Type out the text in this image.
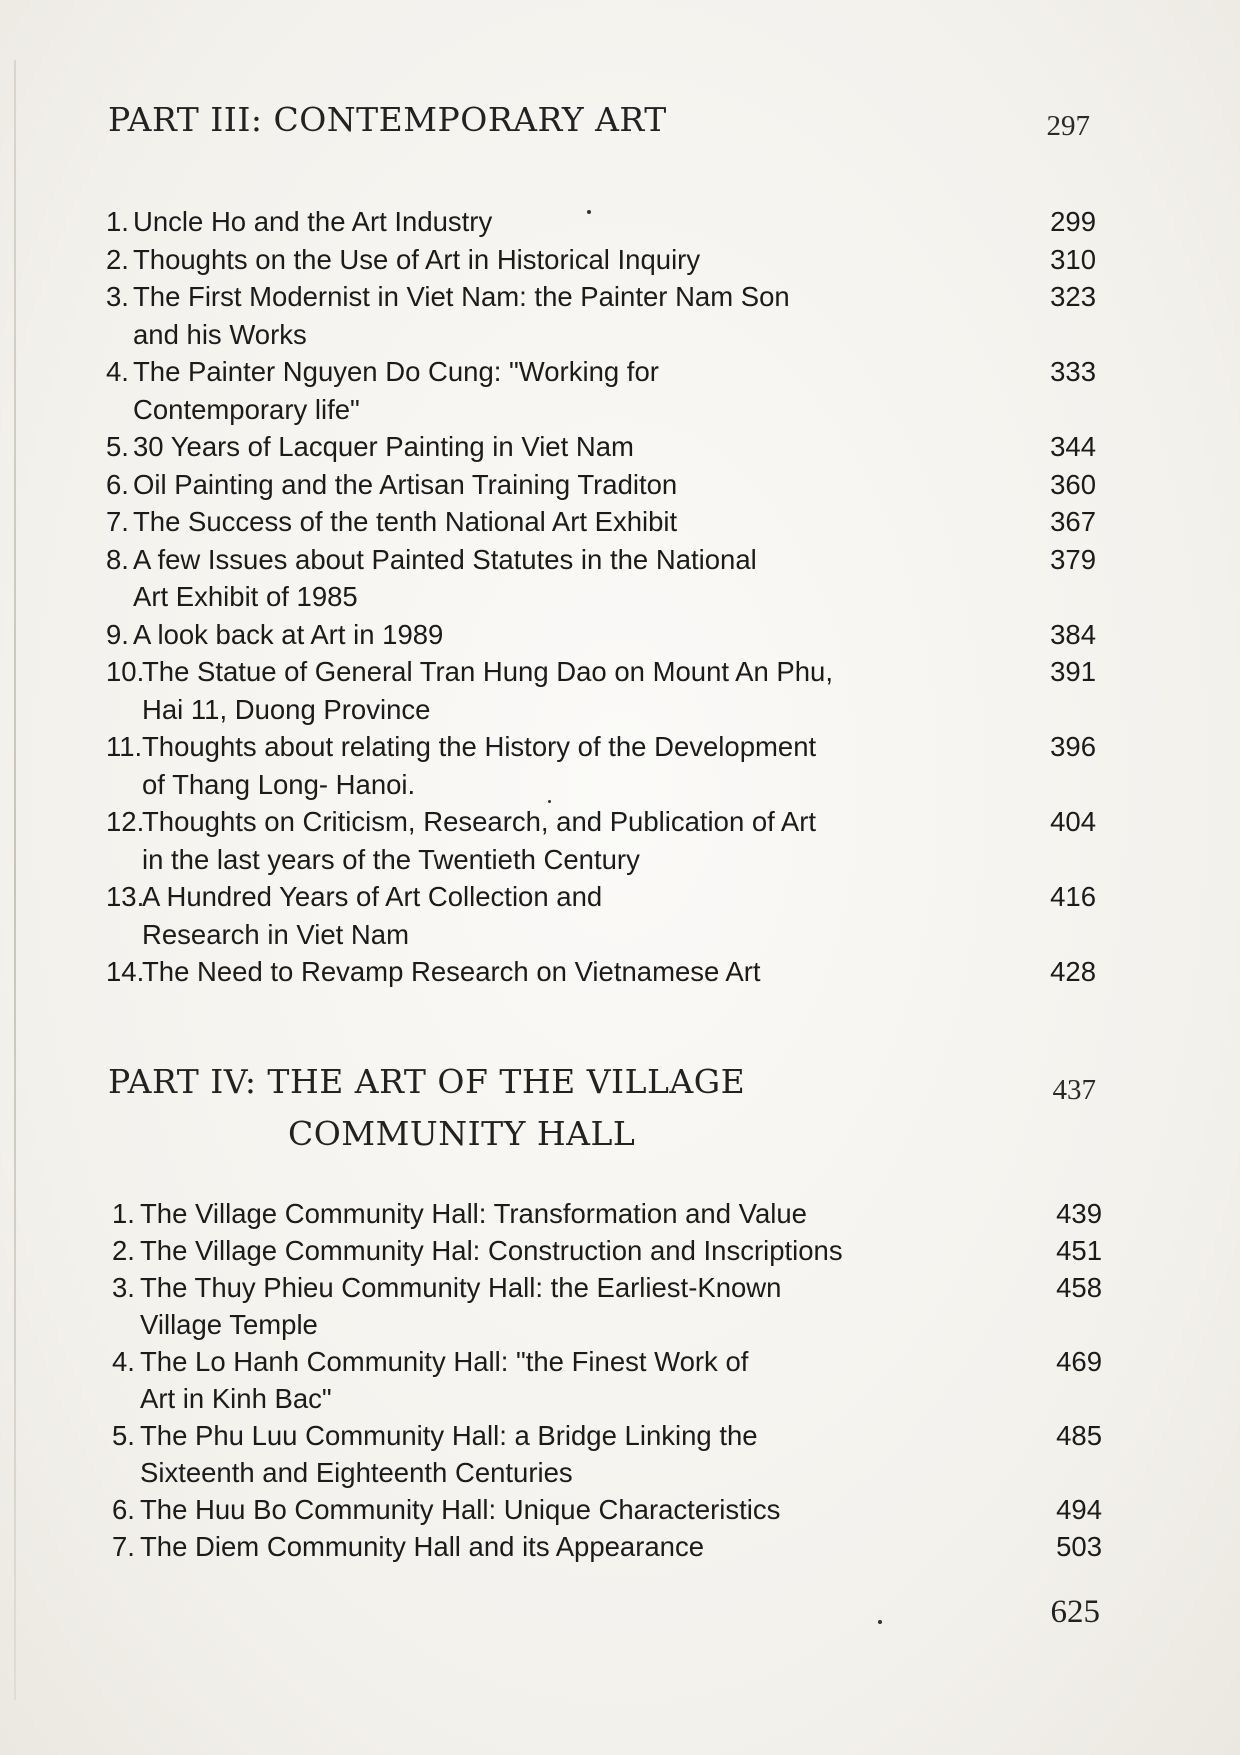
PART III: CONTEMPORARY ART	297
1. Uncle Ho and the Art Industry	299
2. Thoughts on the Use of Art in Historical Inquiry	310
3. The First Modernist in Viet Nam: the Painter Nam Son	323
and his Works
4. The Painter Nguyen Do Cung: "Working for	333
Contemporary life"
5. 30 Years of Lacquer Painting in Viet Nam	344
6. Oil Painting and the Artisan Training Traditon	360
7. The Success of the tenth National Art Exhibit	367
8. A few Issues about Painted Statutes in the National	379
Art Exhibit of 1985
9. A look back at Art in 1989	384
10.The Statue of General Tran Hung Dao on Mount An Phu,	391
Hai 11, Duong Province
11.Thoughts about relating the History of the Development	396
of Thang Long- Hanoi.
12.Thoughts on Criticism, Research, and Publication of Art	404
in the last years of the Twentieth Century
13.A Hundred Years of Art Collection and	416
Research in Viet Nam
14.The Need to Revamp Research on Vietnamese Art	428
PART IV: THE ART OF THE VILLAGE
COMMUNITY HALL
437
1. The Village Community Hall: Transformation and Value	439
2. The Village Community Hal: Construction and Inscriptions	451
3. The Thuy Phieu Community Hall: the Earliest-Known	458
Village Temple
4. The Lo Hanh Community Hall: "the Finest Work of	469
Art in Kinh Bac"
5. The Phu Luu Community Hall: a Bridge Linking the	485
Sixteenth and Eighteenth Centuries
6. The Huu Bo Community Hall: Unique Characteristics	494
7. The Diem Community Hall and its Appearance	503
625
